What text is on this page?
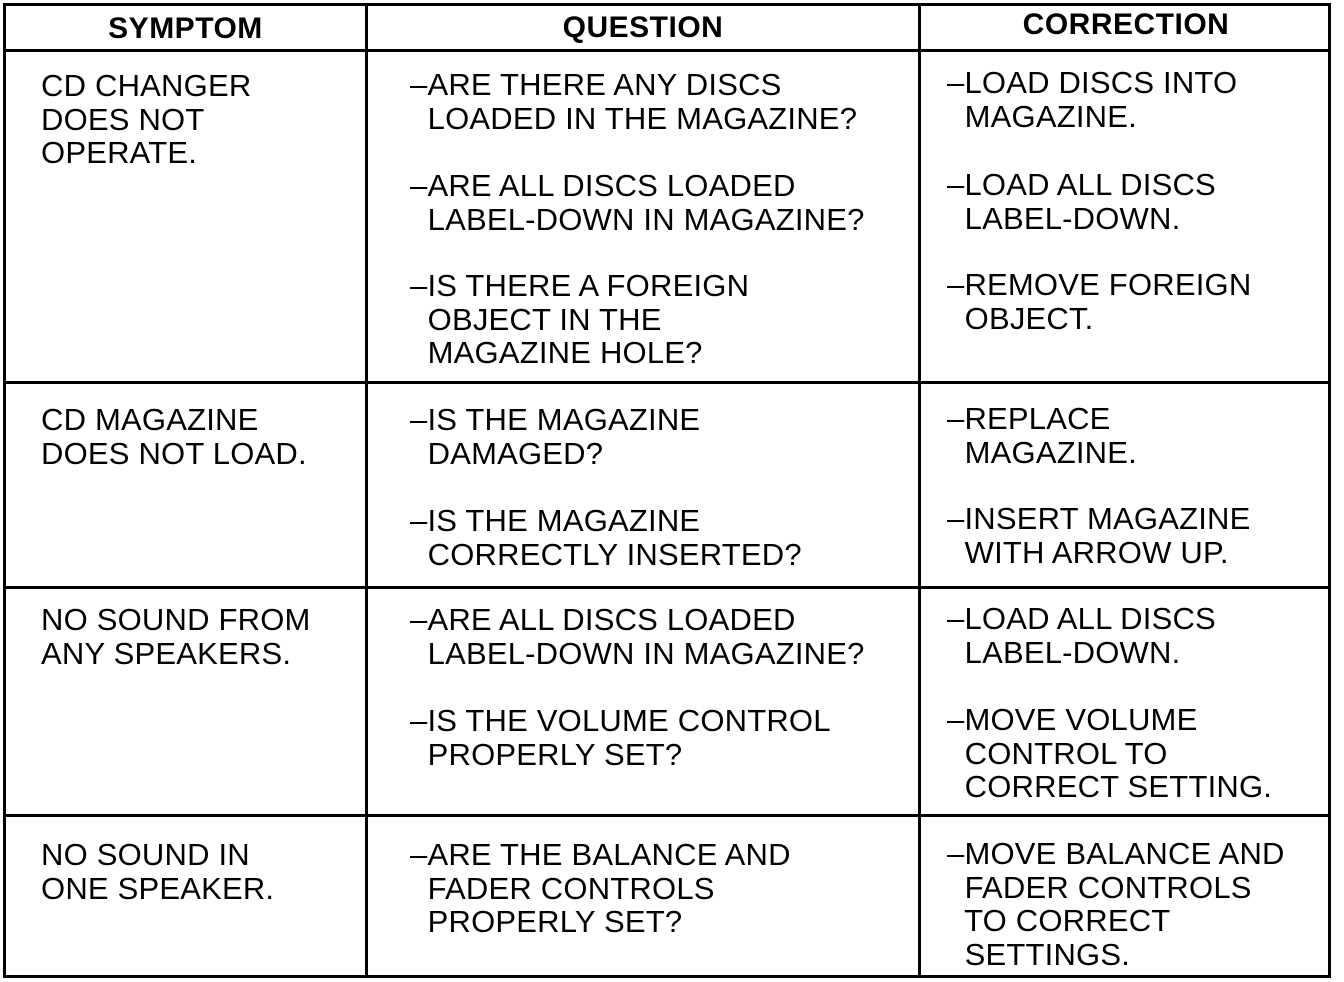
SYMPTOM	QUESTION	CORRECTION
CD CHANGER
DOES NOT
OPERATE.
–ARE THERE ANY DISCS
LOADED IN THE MAGAZINE?
–ARE ALL DISCS LOADED
LABEL-DOWN IN MAGAZINE?
–IS THERE A FOREIGN
OBJECT IN THE
MAGAZINE HOLE?
–LOAD DISCS INTO
MAGAZINE.
–LOAD ALL DISCS
LABEL-DOWN.
–REMOVE FOREIGN
OBJECT.
CD MAGAZINE
DOES NOT LOAD.
–IS THE MAGAZINE
DAMAGED?
–IS THE MAGAZINE
CORRECTLY INSERTED?
–REPLACE
MAGAZINE.
–INSERT MAGAZINE
WITH ARROW UP.
NO SOUND FROM
ANY SPEAKERS.
–ARE ALL DISCS LOADED
LABEL-DOWN IN MAGAZINE?
–IS THE VOLUME CONTROL
PROPERLY SET?
–LOAD ALL DISCS
LABEL-DOWN.
–MOVE VOLUME
CONTROL TO
CORRECT SETTING.
NO SOUND IN
ONE SPEAKER.
–ARE THE BALANCE AND
FADER CONTROLS
PROPERLY SET?
–MOVE BALANCE AND
FADER CONTROLS
TO CORRECT
SETTINGS.
